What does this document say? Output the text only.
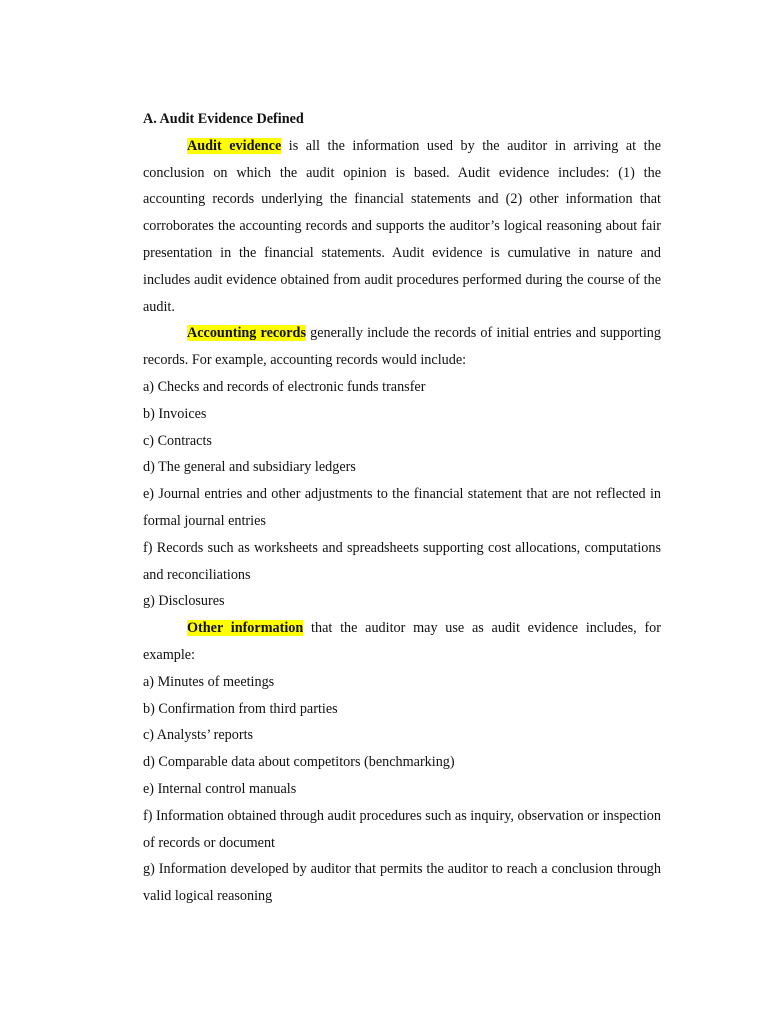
A. Audit Evidence Defined

Audit evidence is all the information used by the auditor in arriving at the conclusion on which the audit opinion is based. Audit evidence includes: (1) the accounting records underlying the financial statements and (2) other information that corroborates the accounting records and supports the auditor’s logical reasoning about fair presentation in the financial statements. Audit evidence is cumulative in nature and includes audit evidence obtained from audit procedures performed during the course of the audit.

Accounting records generally include the records of initial entries and supporting records. For example, accounting records would include:

a) Checks and records of electronic funds transfer
b) Invoices
c) Contracts
d) The general and subsidiary ledgers
e) Journal entries and other adjustments to the financial statement that are not reflected in formal journal entries
f) Records such as worksheets and spreadsheets supporting cost allocations, computations and reconciliations
g) Disclosures

Other information that the auditor may use as audit evidence includes, for example:

a) Minutes of meetings
b) Confirmation from third parties
c) Analysts’ reports
d) Comparable data about competitors (benchmarking)
e) Internal control manuals
f) Information obtained through audit procedures such as inquiry, observation or inspection of records or document
g) Information developed by auditor that permits the auditor to reach a conclusion through valid logical reasoning
